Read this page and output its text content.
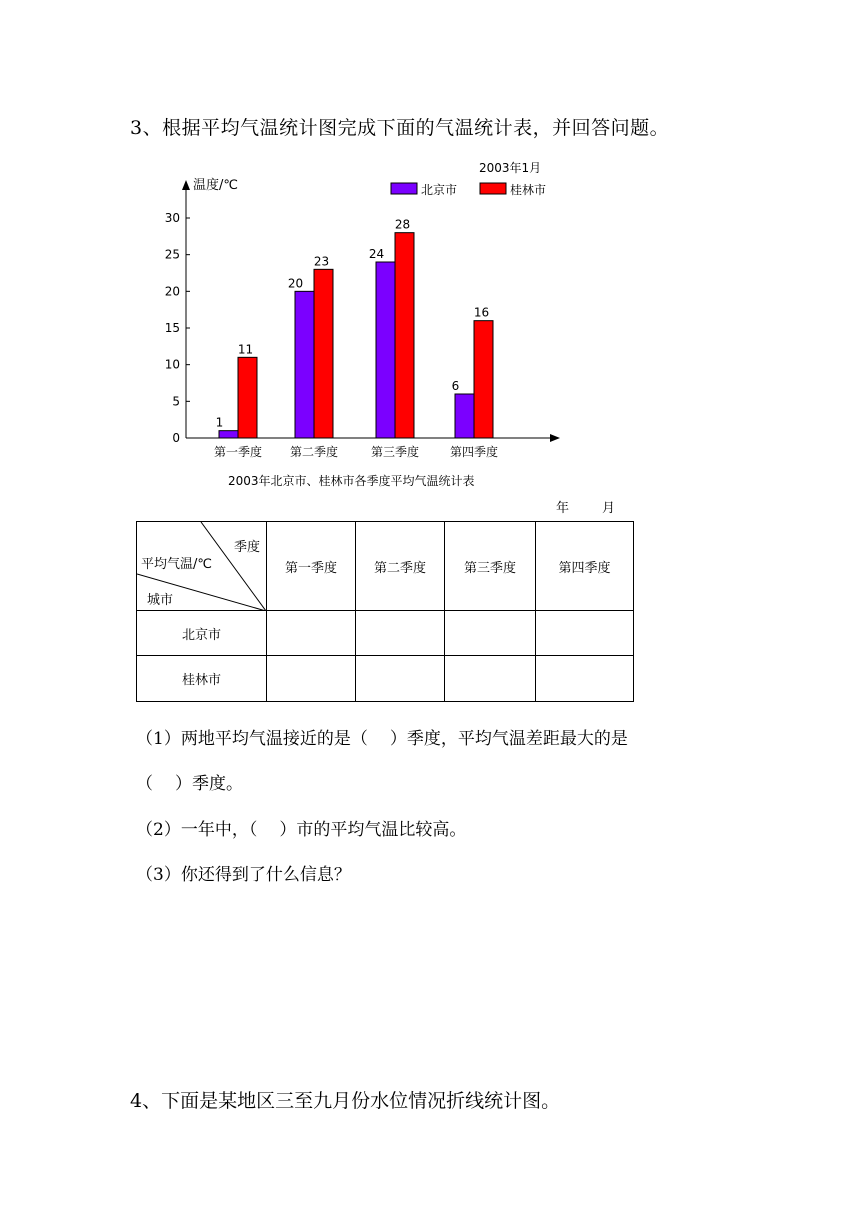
3、根据平均气温统计图完成下面的气温统计表，并回答问题。
0
5
10
15
20
25
30
1
20
24
6
11
23
28
16
第一季度 第二季度	第三季度	第四季度
北京市	桂林市
温度/℃
2003年1月
2003年北京市、桂林市各季度平均气温统计表
年	月
季度
平均气温/℃
城市	第一季度	第二季度	第三季度	第四季度
北京市				
桂林市				
（1）两地平均气温接近的是（ ）季度，平均气温差距最大的是
（ ）季度。
（2）一年中，（ ）市的平均气温比较高。
（3）你还得到了什么信息？
4、下面是某地区三至九月份水位情况折线统计图。
